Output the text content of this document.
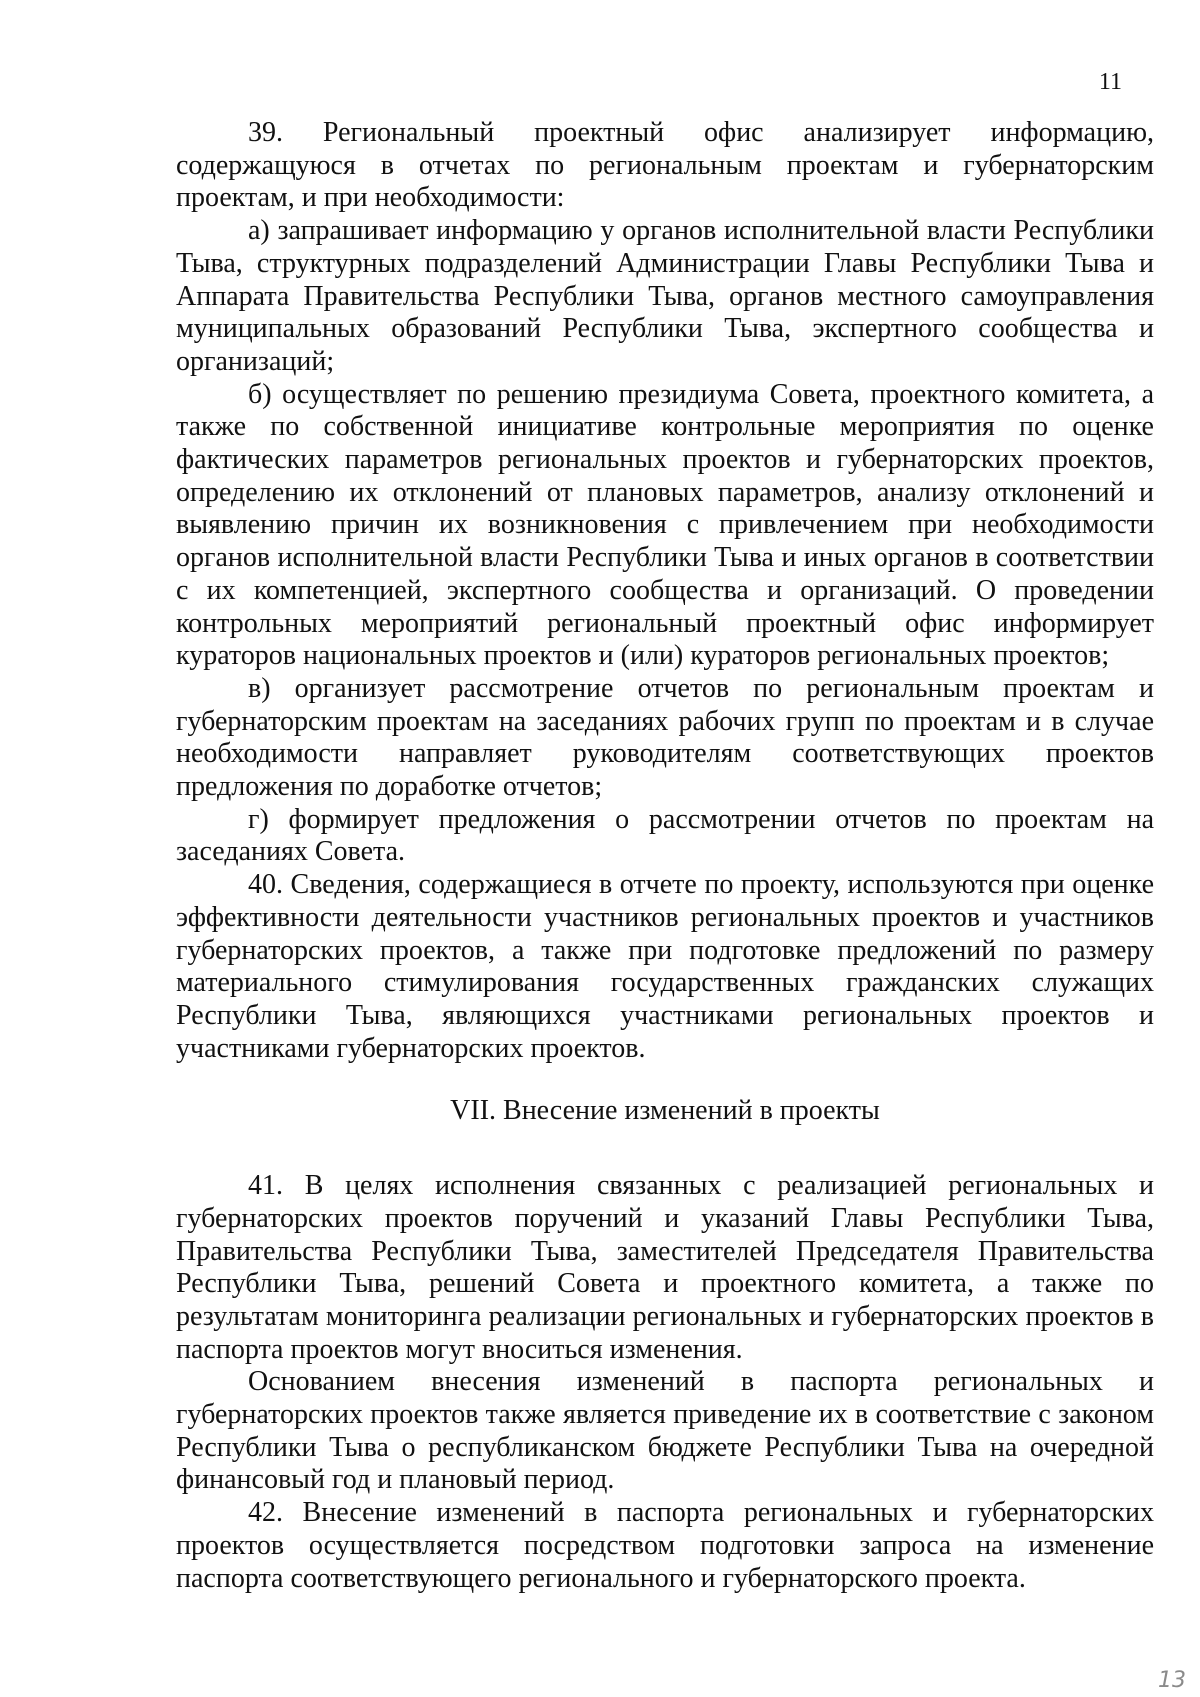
11

39. Региональный проектный офис анализирует информацию, содержащуюся в отчетах по региональным проектам и губернаторским проектам, и при необходимости:

а) запрашивает информацию у органов исполнительной власти Республики Тыва, структурных подразделений Администрации Главы Республики Тыва и Аппарата Правительства Республики Тыва, органов местного самоуправления муниципальных образований Республики Тыва, экспертного сообщества и организаций;

б) осуществляет по решению президиума Совета, проектного комитета, а также по собственной инициативе контрольные мероприятия по оценке фактических параметров региональных проектов и губернаторских проектов, определению их отклонений от плановых параметров, анализу отклонений и выявлению причин их возникновения с привлечением при необходимости органов исполнительной власти Республики Тыва и иных органов в соответствии с их компетенцией, экспертного сообщества и организаций. О проведении контрольных мероприятий региональный проектный офис информирует кураторов национальных проектов и (или) кураторов региональных проектов;

в) организует рассмотрение отчетов по региональным проектам и губернаторским проектам на заседаниях рабочих групп по проектам и в случае необходимости направляет руководителям соответствующих проектов предложения по доработке отчетов;

г) формирует предложения о рассмотрении отчетов по проектам на заседаниях Совета.

40. Сведения, содержащиеся в отчете по проекту, используются при оценке эффективности деятельности участников региональных проектов и участников губернаторских проектов, а также при подготовке предложений по размеру материального стимулирования государственных гражданских служащих Республики Тыва, являющихся участниками региональных проектов и участниками губернаторских проектов.

VII. Внесение изменений в проекты

41. В целях исполнения связанных с реализацией региональных и губернаторских проектов поручений и указаний Главы Республики Тыва, Правительства Республики Тыва, заместителей Председателя Правительства Республики Тыва, решений Совета и проектного комитета, а также по результатам мониторинга реализации региональных и губернаторских проектов в паспорта проектов могут вноситься изменения.

Основанием внесения изменений в паспорта региональных и губернаторских проектов также является приведение их в соответствие с законом Республики Тыва о республиканском бюджете Республики Тыва на очередной финансовый год и плановый период.

42. Внесение изменений в паспорта региональных и губернаторских проектов осуществляется посредством подготовки запроса на изменение паспорта соответствующего регионального и губернаторского проекта.

13
